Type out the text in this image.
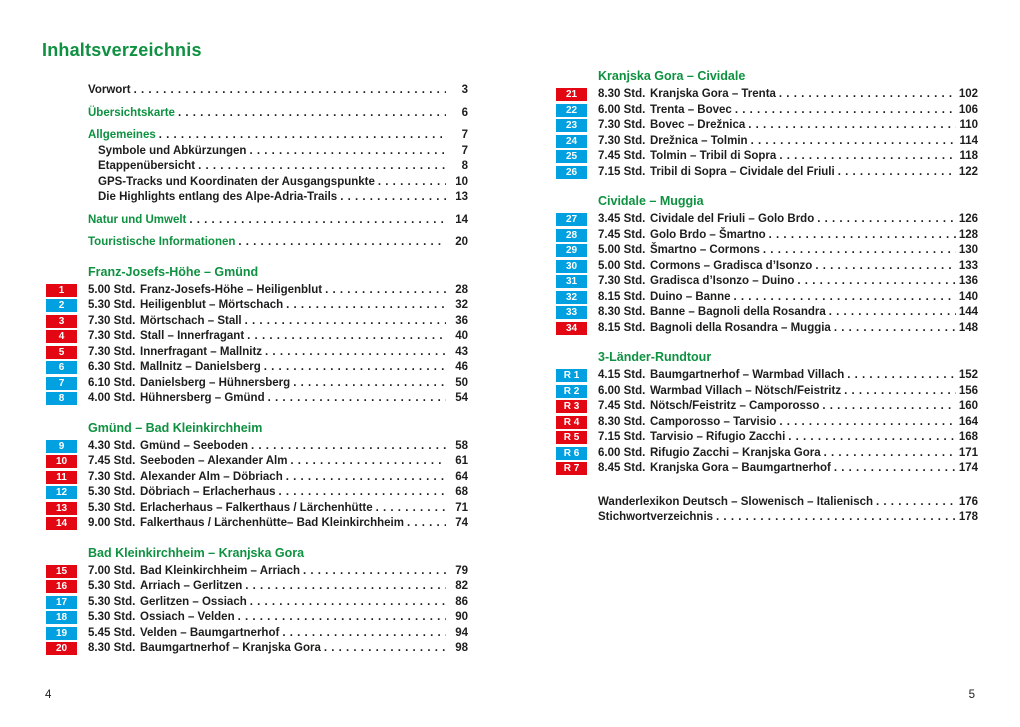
Inhaltsverzeichnis
Vorwort . . .	3
Übersichtskarte . . .	6
Allgemeines . . .	7
Symbole und Abkürzungen . . .	7
Etappenübersicht . . .	8
GPS-Tracks und Koordinaten der Ausgangspunkte . . .	10
Die Highlights entlang des Alpe-Adria-Trails . . .	13
Natur und Umwelt . . .	14
Touristische Informationen . . .	20
Franz-Josefs-Höhe – Gmünd
1	5.00 Std. Franz-Josefs-Höhe – Heiligenblut . . .	28
2	5.30 Std. Heiligenblut – Mörtschach . . .	32
3	7.30 Std. Mörtschach – Stall . . .	36
4	7.30 Std. Stall – Innerfragant . . .	40
5	7.30 Std. Innerfragant – Mallnitz . . .	43
6	6.30 Std. Mallnitz – Danielsberg . . .	46
7	6.10 Std. Danielsberg – Hühnersberg . . .	50
8	4.00 Std. Hühnersberg – Gmünd . . .	54
Gmünd – Bad Kleinkirchheim
9	4.30 Std. Gmünd – Seeboden . . .	58
10	7.45 Std. Seeboden – Alexander Alm . . .	61
11	7.30 Std. Alexander Alm – Döbriach . . .	64
12	5.30 Std. Döbriach – Erlacherhaus . . .	68
13	5.30 Std. Erlacherhaus – Falkerthaus / Lärchenhütte . . .	71
14	9.00 Std. Falkerthaus / Lärchenhütte– Bad Kleinkirchheim . . .	74
Bad Kleinkirchheim – Kranjska Gora
15	7.00 Std. Bad Kleinkirchheim – Arriach . . .	79
16	5.30 Std. Arriach – Gerlitzen . . .	82
17	5.30 Std. Gerlitzen – Ossiach . . .	86
18	5.30 Std. Ossiach – Velden . . .	90
19	5.45 Std. Velden – Baumgartnerhof . . .	94
20	8.30 Std. Baumgartnerhof – Kranjska Gora . . .	98
4
Kranjska Gora – Cividale
21	8.30 Std. Kranjska Gora – Trenta . . .	102
22	6.00 Std. Trenta – Bovec . . .	106
23	7.30 Std. Bovec – Drežnica . . .	110
24	7.30 Std. Drežnica – Tolmin . . .	114
25	7.45 Std. Tolmin – Tribil di Sopra . . .	118
26	7.15 Std. Tribil di Sopra – Cividale del Friuli . . .	122
Cividale – Muggia
27	3.45 Std. Cividale del Friuli – Golo Brdo . . .	126
28	7.45 Std. Golo Brdo – Šmartno . . .	128
29	5.00 Std. Šmartno – Cormons . . .	130
30	5.00 Std. Cormons – Gradisca d’Isonzo . . .	133
31	7.30 Std. Gradisca d’Isonzo – Duino . . .	136
32	8.15 Std. Duino – Banne . . .	140
33	8.30 Std. Banne – Bagnoli della Rosandra . . .	144
34	8.15 Std. Bagnoli della Rosandra – Muggia . . .	148
3-Länder-Rundtour
R 1	4.15 Std. Baumgartnerhof – Warmbad Villach . . .	152
R 2	6.00 Std. Warmbad Villach – Nötsch/Feistritz . . .	156
R 3	7.45 Std. Nötsch/Feistritz – Camporosso . . .	160
R 4	8.30 Std. Camporosso – Tarvisio . . .	164
R 5	7.15 Std. Tarvisio – Rifugio Zacchi . . .	168
R 6	6.00 Std. Rifugio Zacchi – Kranjska Gora . . .	171
R 7	8.45 Std. Kranjska Gora – Baumgartnerhof . . .	174
Wanderlexikon Deutsch – Slowenisch – Italienisch . . .	176
Stichwortverzeichnis . . .	178
5
